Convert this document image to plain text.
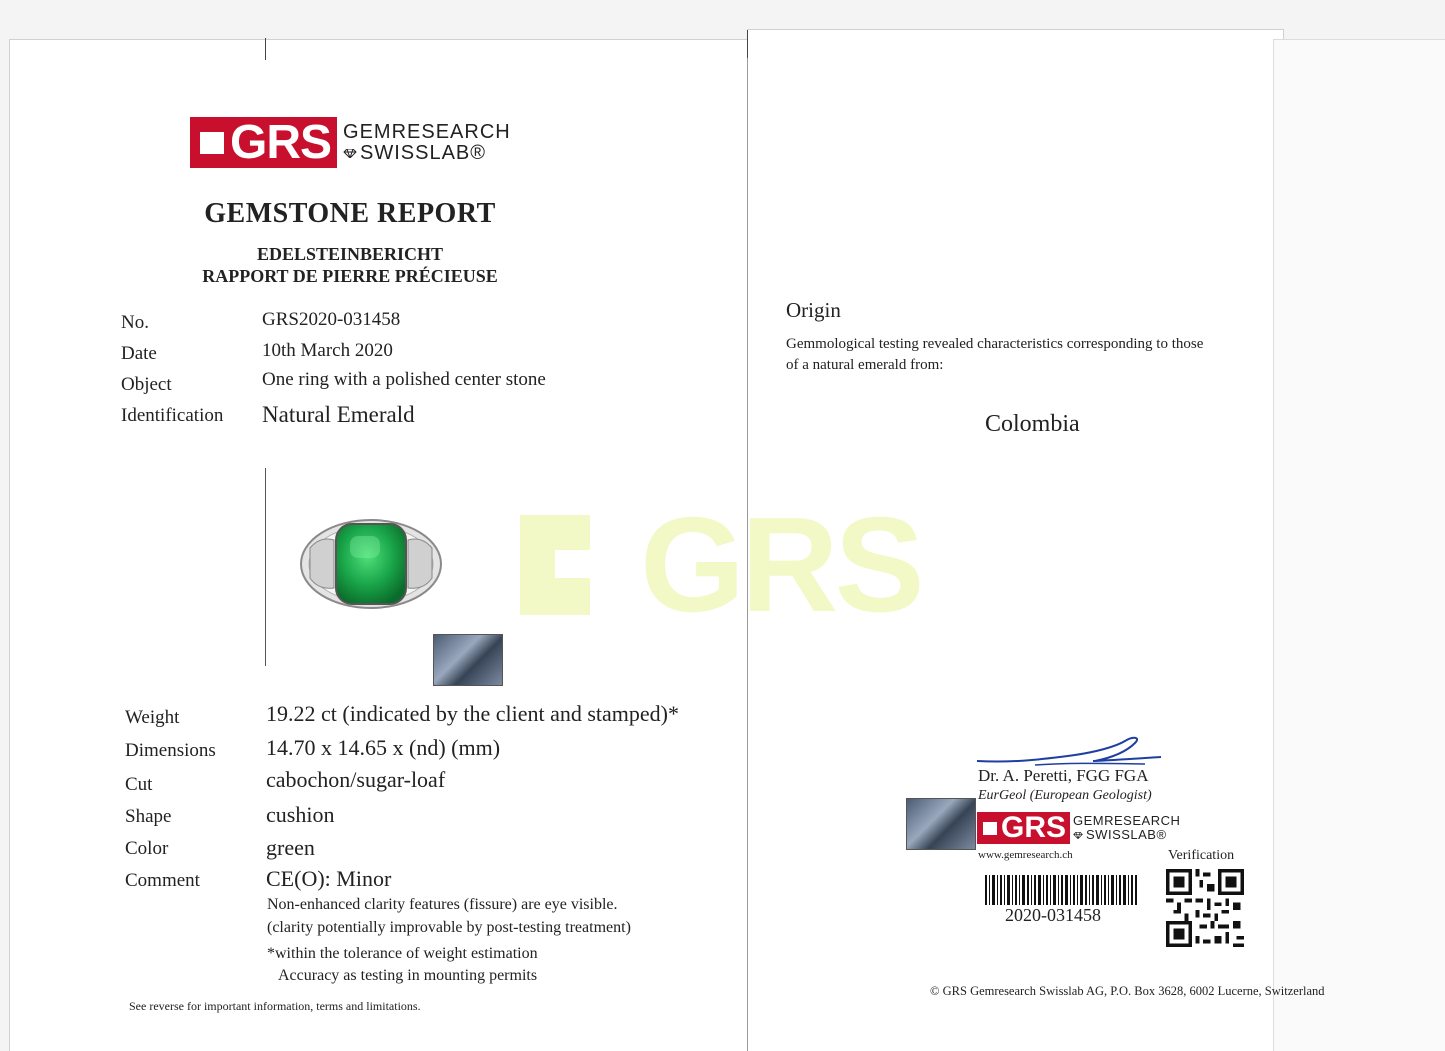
GRS GEMRESEARCH
SWISSLAB®
GEMSTONE REPORT
EDELSTEINBERICHT
RAPPORT DE PIERRE PRÉCIEUSE
No.	GRS2020-031458
Date	10th March 2020
Object	One ring with a polished center stone
Identification Natural Emerald
Weight	19.22 ct (indicated by the client and stamped)*
Dimensions 14.70 x 14.65 x (nd) (mm)
Cut	cabochon/sugar-loaf
Shape	cushion
Color	green
Comment	CE(O): Minor
Non-enhanced clarity features (fissure) are eye visible.
(clarity potentially improvable by post-testing treatment)
*within the tolerance of weight estimation
Accuracy as testing in mounting permits
See reverse for important information, terms and limitations.
Origin
Gemmological testing revealed characteristics corresponding to those
of a natural emerald from:
Colombia
GRS
Dr. A. Peretti, FGG FGA
EurGeol (European Geologist)
GRS GEMRESEARCH
SWISSLAB®
www.gemresearch.ch	Verification
2020-031458
© GRS Gemresearch Swisslab AG, P.O. Box 3628, 6002 Lucerne, Switzerland
